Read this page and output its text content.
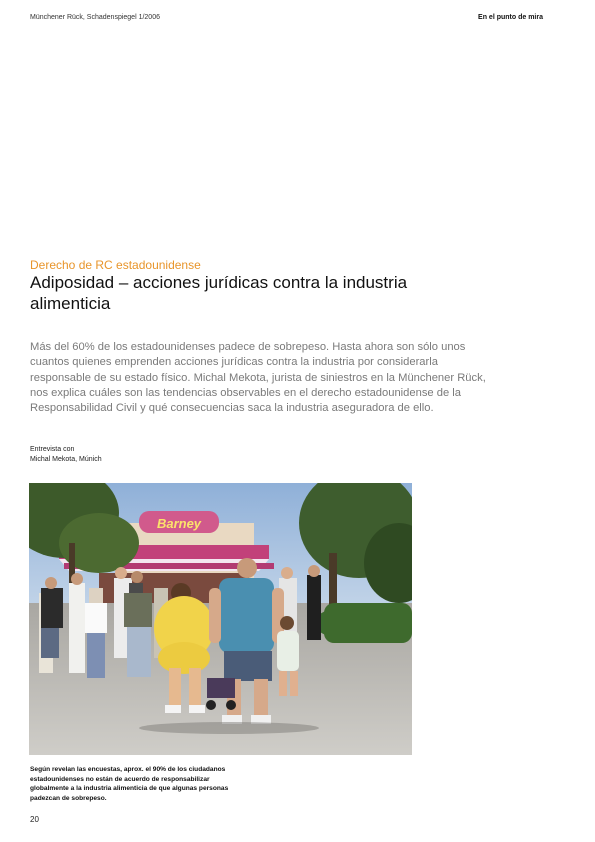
Münchener Rück, Schadenspiegel 1/2006	En el punto de mira
Derecho de RC estadounidense
Adiposidad – acciones jurídicas contra la industria alimenticia

Más del 60% de los estadounidenses padece de sobrepeso. Hasta ahora son sólo unos cuantos quienes emprenden acciones jurídicas contra la industria por considerarla responsable de su estado físico. Michal Mekota, jurista de siniestros en la Münchener Rück, nos explica cuáles son las tendencias observables en el derecho estadounidense de la Responsabilidad Civil y qué consecuencias saca la industria aseguradora de ello.

Entrevista con
Michal Mekota, Múnich
Barney

Según revelan las encuestas, aprox. el 90% de los ciudadanos estadounidenses no están de acuerdo de responsabilizar globalmente a la industria alimenticia de que algunas personas padezcan de sobrepeso.

20
